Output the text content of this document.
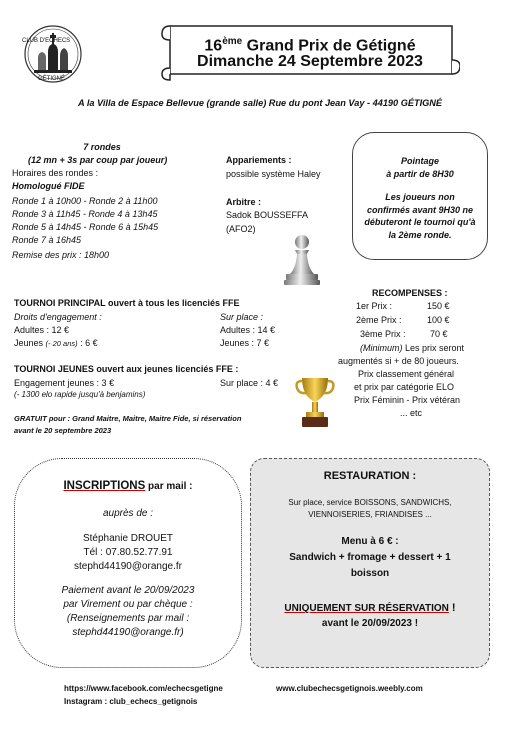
CLUB D'ECHECS
GÉTIGNÉ
16ème Grand Prix de Gétigné
Dimanche 24 Septembre 2023
A la Villa de Espace Bellevue (grande salle) Rue du pont Jean Vay - 44190 GÉTIGNÉ
7 rondes
(12 mn + 3s par coup par joueur)
Horaires des rondes :
Homologué FIDE
Ronde 1 à 10h00 - Ronde 2 à 11h00
Ronde 3 à 11h45 - Ronde 4 à 13h45
Ronde 5 à 14h45 - Ronde 6 à 15h45
Ronde 7 à 16h45
Remise des prix : 18h00
Appariements :
possible système Haley
Arbitre :
Sadok BOUSSEFFA
(AFO2)
Pointage
à partir de 8H30
Les joueurs non confirmés avant 9H30 ne débuteront le tournoi qu'à la 2ème ronde.
TOURNOI PRINCIPAL ouvert à tous les licenciés FFE
Droits d'engagement :	Sur place :
Adultes : 12 €	Adultes : 14 €
Jeunes (- 20 ans) : 6 €	Jeunes : 7 €
TOURNOI JEUNES ouvert aux jeunes licenciés FFE :
Engagement jeunes : 3 €	Sur place : 4 €
(- 1300 elo rapide jusqu'à benjamins)
GRATUIT pour : Grand Maitre, Maitre, Maitre Fide, si réservation
avant le 20 septembre 2023
RECOMPENSES :
1er Prix :	150 €
2ème Prix :	100 €
3ème Prix :	70 €
(Minimum) Les prix seront
augmentés si + de 80 joueurs.
Prix classement général
et prix par catégorie ELO
Prix Féminin - Prix vétéran
... etc
INSCRIPTIONS par mail :
auprès de :
Stéphanie DROUET
Tél : 07.80.52.77.91
stephd44190@orange.fr
Paiement avant le 20/09/2023
par Virement ou par chèque :
(Renseignements par mail :
stephd44190@orange.fr)
RESTAURATION :
Sur place, service BOISSONS, SANDWICHS,
VIENNOISERIES, FRIANDISES ...
Menu à 6 € :
Sandwich + fromage + dessert + 1
boisson
UNIQUEMENT SUR RÉSERVATION !
avant le 20/09/2023 !
https://www.facebook.com/echecsgetigne	www.clubechecsgetignois.weebly.com
Instagram : club_echecs_getignois
